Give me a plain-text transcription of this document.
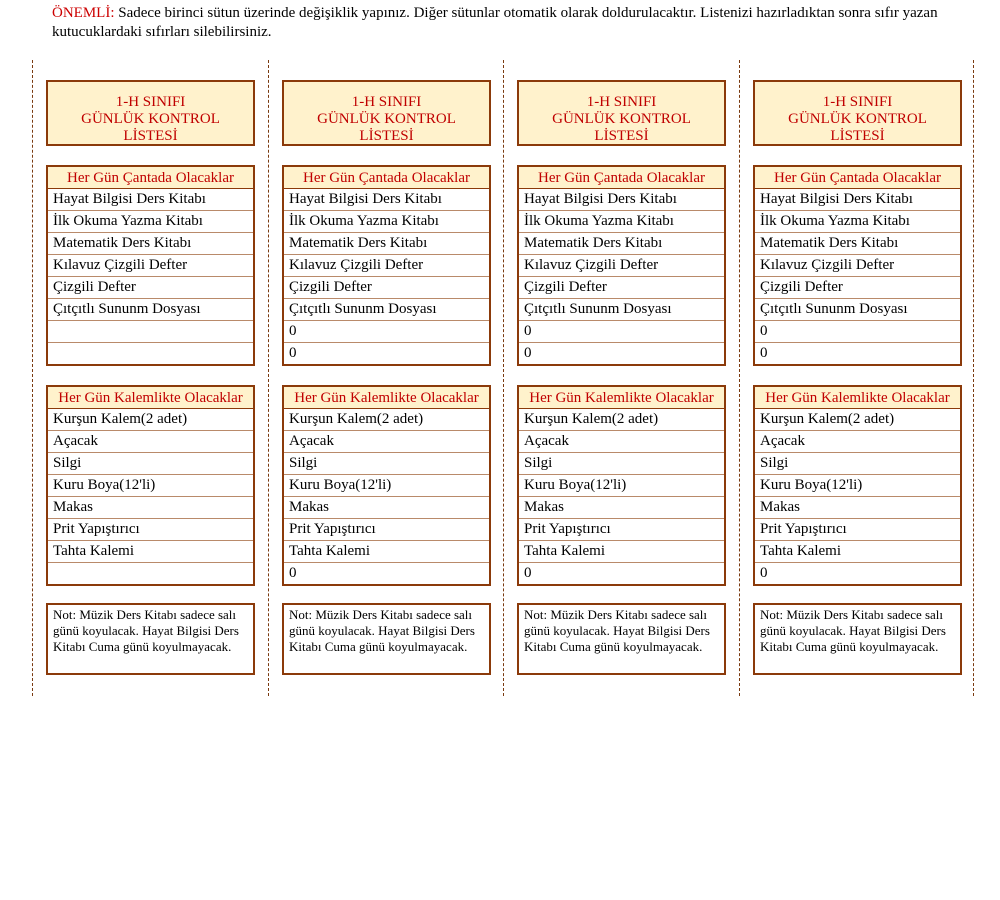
ÖNEMLİ: Sadece birinci sütun üzerinde değişiklik yapınız. Diğer sütunlar otomatik olarak doldurulacaktır. Listenizi hazırladıktan sonra sıfır yazan kutucuklardaki sıfırları silebilirsiniz.
1-H SINIFI
GÜNLÜK KONTROL
LİSTESİ
Her Gün Çantada Olacaklar
Hayat Bilgisi Ders Kitabı
İlk Okuma Yazma Kitabı
Matematik Ders Kitabı
Kılavuz Çizgili Defter
Çizgili Defter
Çıtçıtlı Sununm Dosyası
Her Gün Kalemlikte Olacaklar
Kurşun Kalem(2 adet)
Açacak
Silgi
Kuru Boya(12'li)
Makas
Prit Yapıştırıcı
Tahta Kalemi
Not: Müzik Ders Kitabı sadece salı günü koyulacak. Hayat Bilgisi Ders Kitabı Cuma günü koyulmayacak.
1-H SINIFI
GÜNLÜK KONTROL
LİSTESİ
Her Gün Çantada Olacaklar
Hayat Bilgisi Ders Kitabı
İlk Okuma Yazma Kitabı
Matematik Ders Kitabı
Kılavuz Çizgili Defter
Çizgili Defter
Çıtçıtlı Sununm Dosyası
0
0
Her Gün Kalemlikte Olacaklar
Kurşun Kalem(2 adet)
Açacak
Silgi
Kuru Boya(12'li)
Makas
Prit Yapıştırıcı
Tahta Kalemi
0
Not: Müzik Ders Kitabı sadece salı günü koyulacak. Hayat Bilgisi Ders Kitabı Cuma günü koyulmayacak.
1-H SINIFI
GÜNLÜK KONTROL
LİSTESİ
Her Gün Çantada Olacaklar
Hayat Bilgisi Ders Kitabı
İlk Okuma Yazma Kitabı
Matematik Ders Kitabı
Kılavuz Çizgili Defter
Çizgili Defter
Çıtçıtlı Sununm Dosyası
0
0
Her Gün Kalemlikte Olacaklar
Kurşun Kalem(2 adet)
Açacak
Silgi
Kuru Boya(12'li)
Makas
Prit Yapıştırıcı
Tahta Kalemi
0
Not: Müzik Ders Kitabı sadece salı günü koyulacak. Hayat Bilgisi Ders Kitabı Cuma günü koyulmayacak.
1-H SINIFI
GÜNLÜK KONTROL
LİSTESİ
Her Gün Çantada Olacaklar
Hayat Bilgisi Ders Kitabı
İlk Okuma Yazma Kitabı
Matematik Ders Kitabı
Kılavuz Çizgili Defter
Çizgili Defter
Çıtçıtlı Sununm Dosyası
0
0
Her Gün Kalemlikte Olacaklar
Kurşun Kalem(2 adet)
Açacak
Silgi
Kuru Boya(12'li)
Makas
Prit Yapıştırıcı
Tahta Kalemi
0
Not: Müzik Ders Kitabı sadece salı günü koyulacak. Hayat Bilgisi Ders Kitabı Cuma günü koyulmayacak.
